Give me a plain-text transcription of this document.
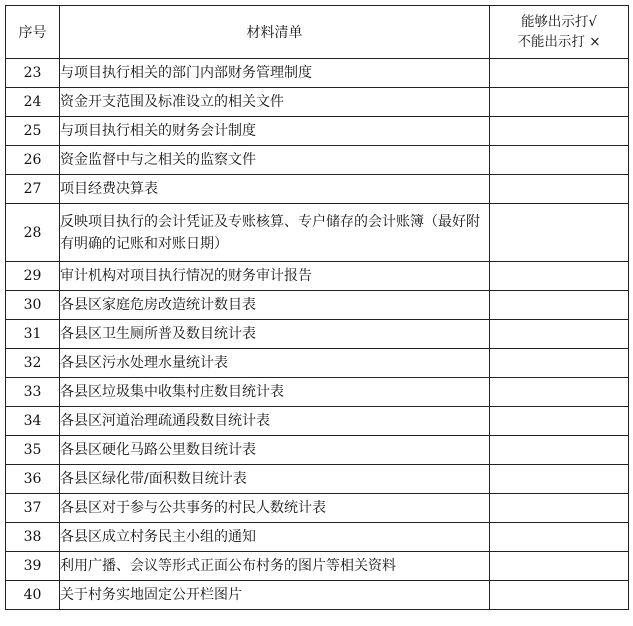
序号	材料清单	能够出示打√
不能出示打 ×

23	与项目执行相关的部门内部财务管理制度	
24	资金开支范围及标准设立的相关文件	
25	与项目执行相关的财务会计制度	
26	资金监督中与之相关的监察文件	
27	项目经费决算表	
28	反映项目执行的会计凭证及专账核算、专户储存的会计账簿（最好附有明确的记账和对账日期）	
29	审计机构对项目执行情况的财务审计报告	
30	各县区家庭危房改造统计数目表	
31	各县区卫生厕所普及数目统计表	
32	各县区污水处理水量统计表	
33	各县区垃圾集中收集村庄数目统计表	
34	各县区河道治理疏通段数目统计表	
35	各县区硬化马路公里数目统计表	
36	各县区绿化带/面积数目统计表	
37	各县区对于参与公共事务的村民人数统计表	
38	各县区成立村务民主小组的通知	
39	利用广播、会议等形式正面公布村务的图片等相关资料	
40	关于村务实地固定公开栏图片	
